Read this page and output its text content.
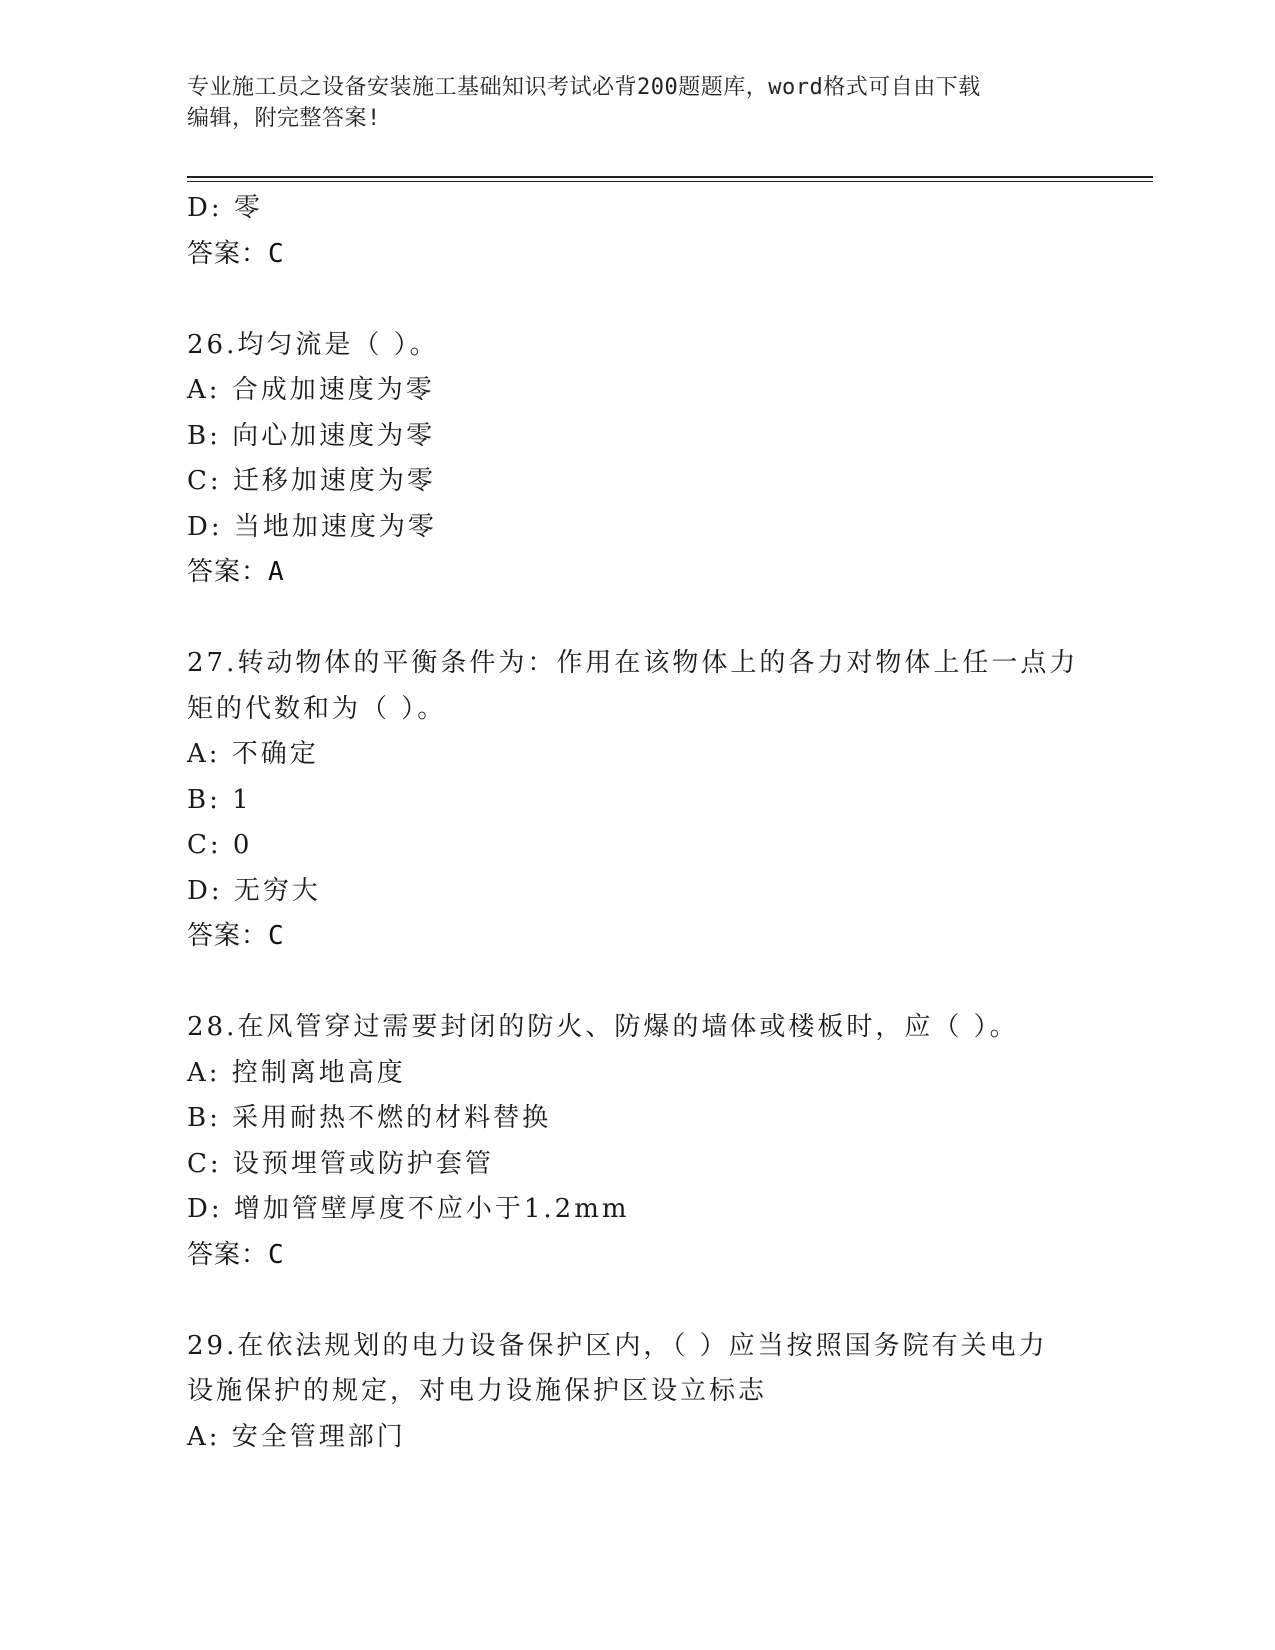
专业施工员之设备安装施工基础知识考试必背200题题库，word格式可自由下载
编辑，附完整答案!
D: 零
答案：C
26.均匀流是（ ）。
A: 合成加速度为零
B: 向心加速度为零
C: 迁移加速度为零
D: 当地加速度为零
答案：A
27.转动物体的平衡条件为：作用在该物体上的各力对物体上任一点力
矩的代数和为（ ）。
A: 不确定
B: 1
C: 0
D: 无穷大
答案：C
28.在风管穿过需要封闭的防火、防爆的墙体或楼板时，应（ ）。
A: 控制离地高度
B: 采用耐热不燃的材料替换
C: 设预埋管或防护套管
D: 增加管壁厚度不应小于1.2mm
答案：C
29.在依法规划的电力设备保护区内，（ ）应当按照国务院有关电力
设施保护的规定，对电力设施保护区设立标志
A: 安全管理部门
